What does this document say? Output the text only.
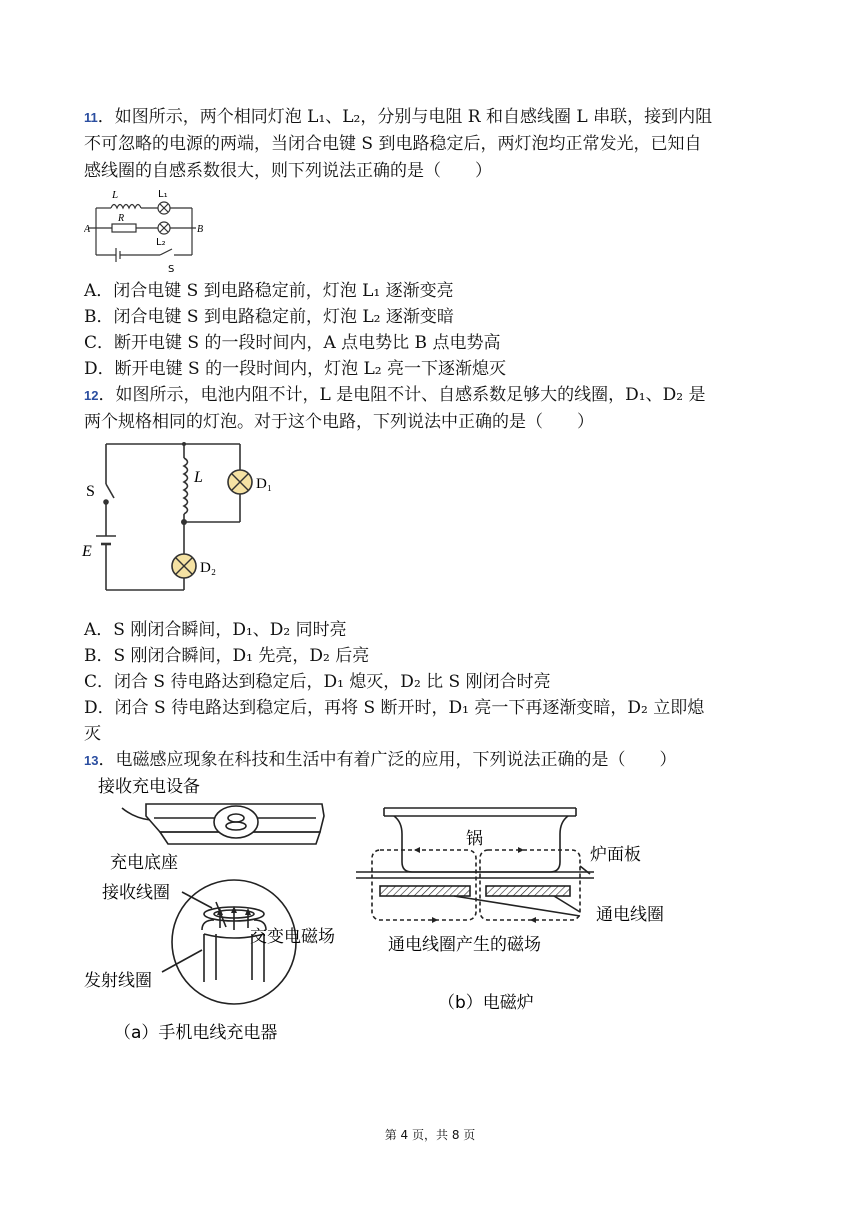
11．如图所示，两个相同灯泡 L₁、L₂，分别与电阻 R 和自感线圈 L 串联，接到内阻
不可忽略的电源的两端，当闭合电键 S 到电路稳定后，两灯泡均正常发光，已知自
感线圈的自感系数很大，则下列说法正确的是（　　）
L	L₁
L₂
R
A	B
S
A．闭合电键 S 到电路稳定前，灯泡 L₁ 逐渐变亮
B．闭合电键 S 到电路稳定前，灯泡 L₂ 逐渐变暗
C．断开电键 S 的一段时间内，A 点电势比 B 点电势高
D．断开电键 S 的一段时间内，灯泡 L₂ 亮一下逐渐熄灭
12．如图所示，电池内阻不计，L 是电阻不计、自感系数足够大的线圈，D₁、D₂ 是
两个规格相同的灯泡。对于这个电路，下列说法中正确的是（　　）
S
L	D₁
E
D₂
A．S 刚闭合瞬间，D₁、D₂ 同时亮
B．S 刚闭合瞬间，D₁ 先亮，D₂ 后亮
C．闭合 S 待电路达到稳定后，D₁ 熄灭，D₂ 比 S 刚闭合时亮
D．闭合 S 待电路达到稳定后，再将 S 断开时，D₁ 亮一下再逐渐变暗，D₂ 立即熄
灭
13．电磁感应现象在科技和生活中有着广泛的应用，下列说法正确的是（　　）
接收充电设备
充电底座
接收线圈
交变电磁场
发射线圈
（a）手机电线充电器
锅
炉面板
通电线圈
通电线圈产生的磁场
（b）电磁炉
第 4 页，共 8 页
